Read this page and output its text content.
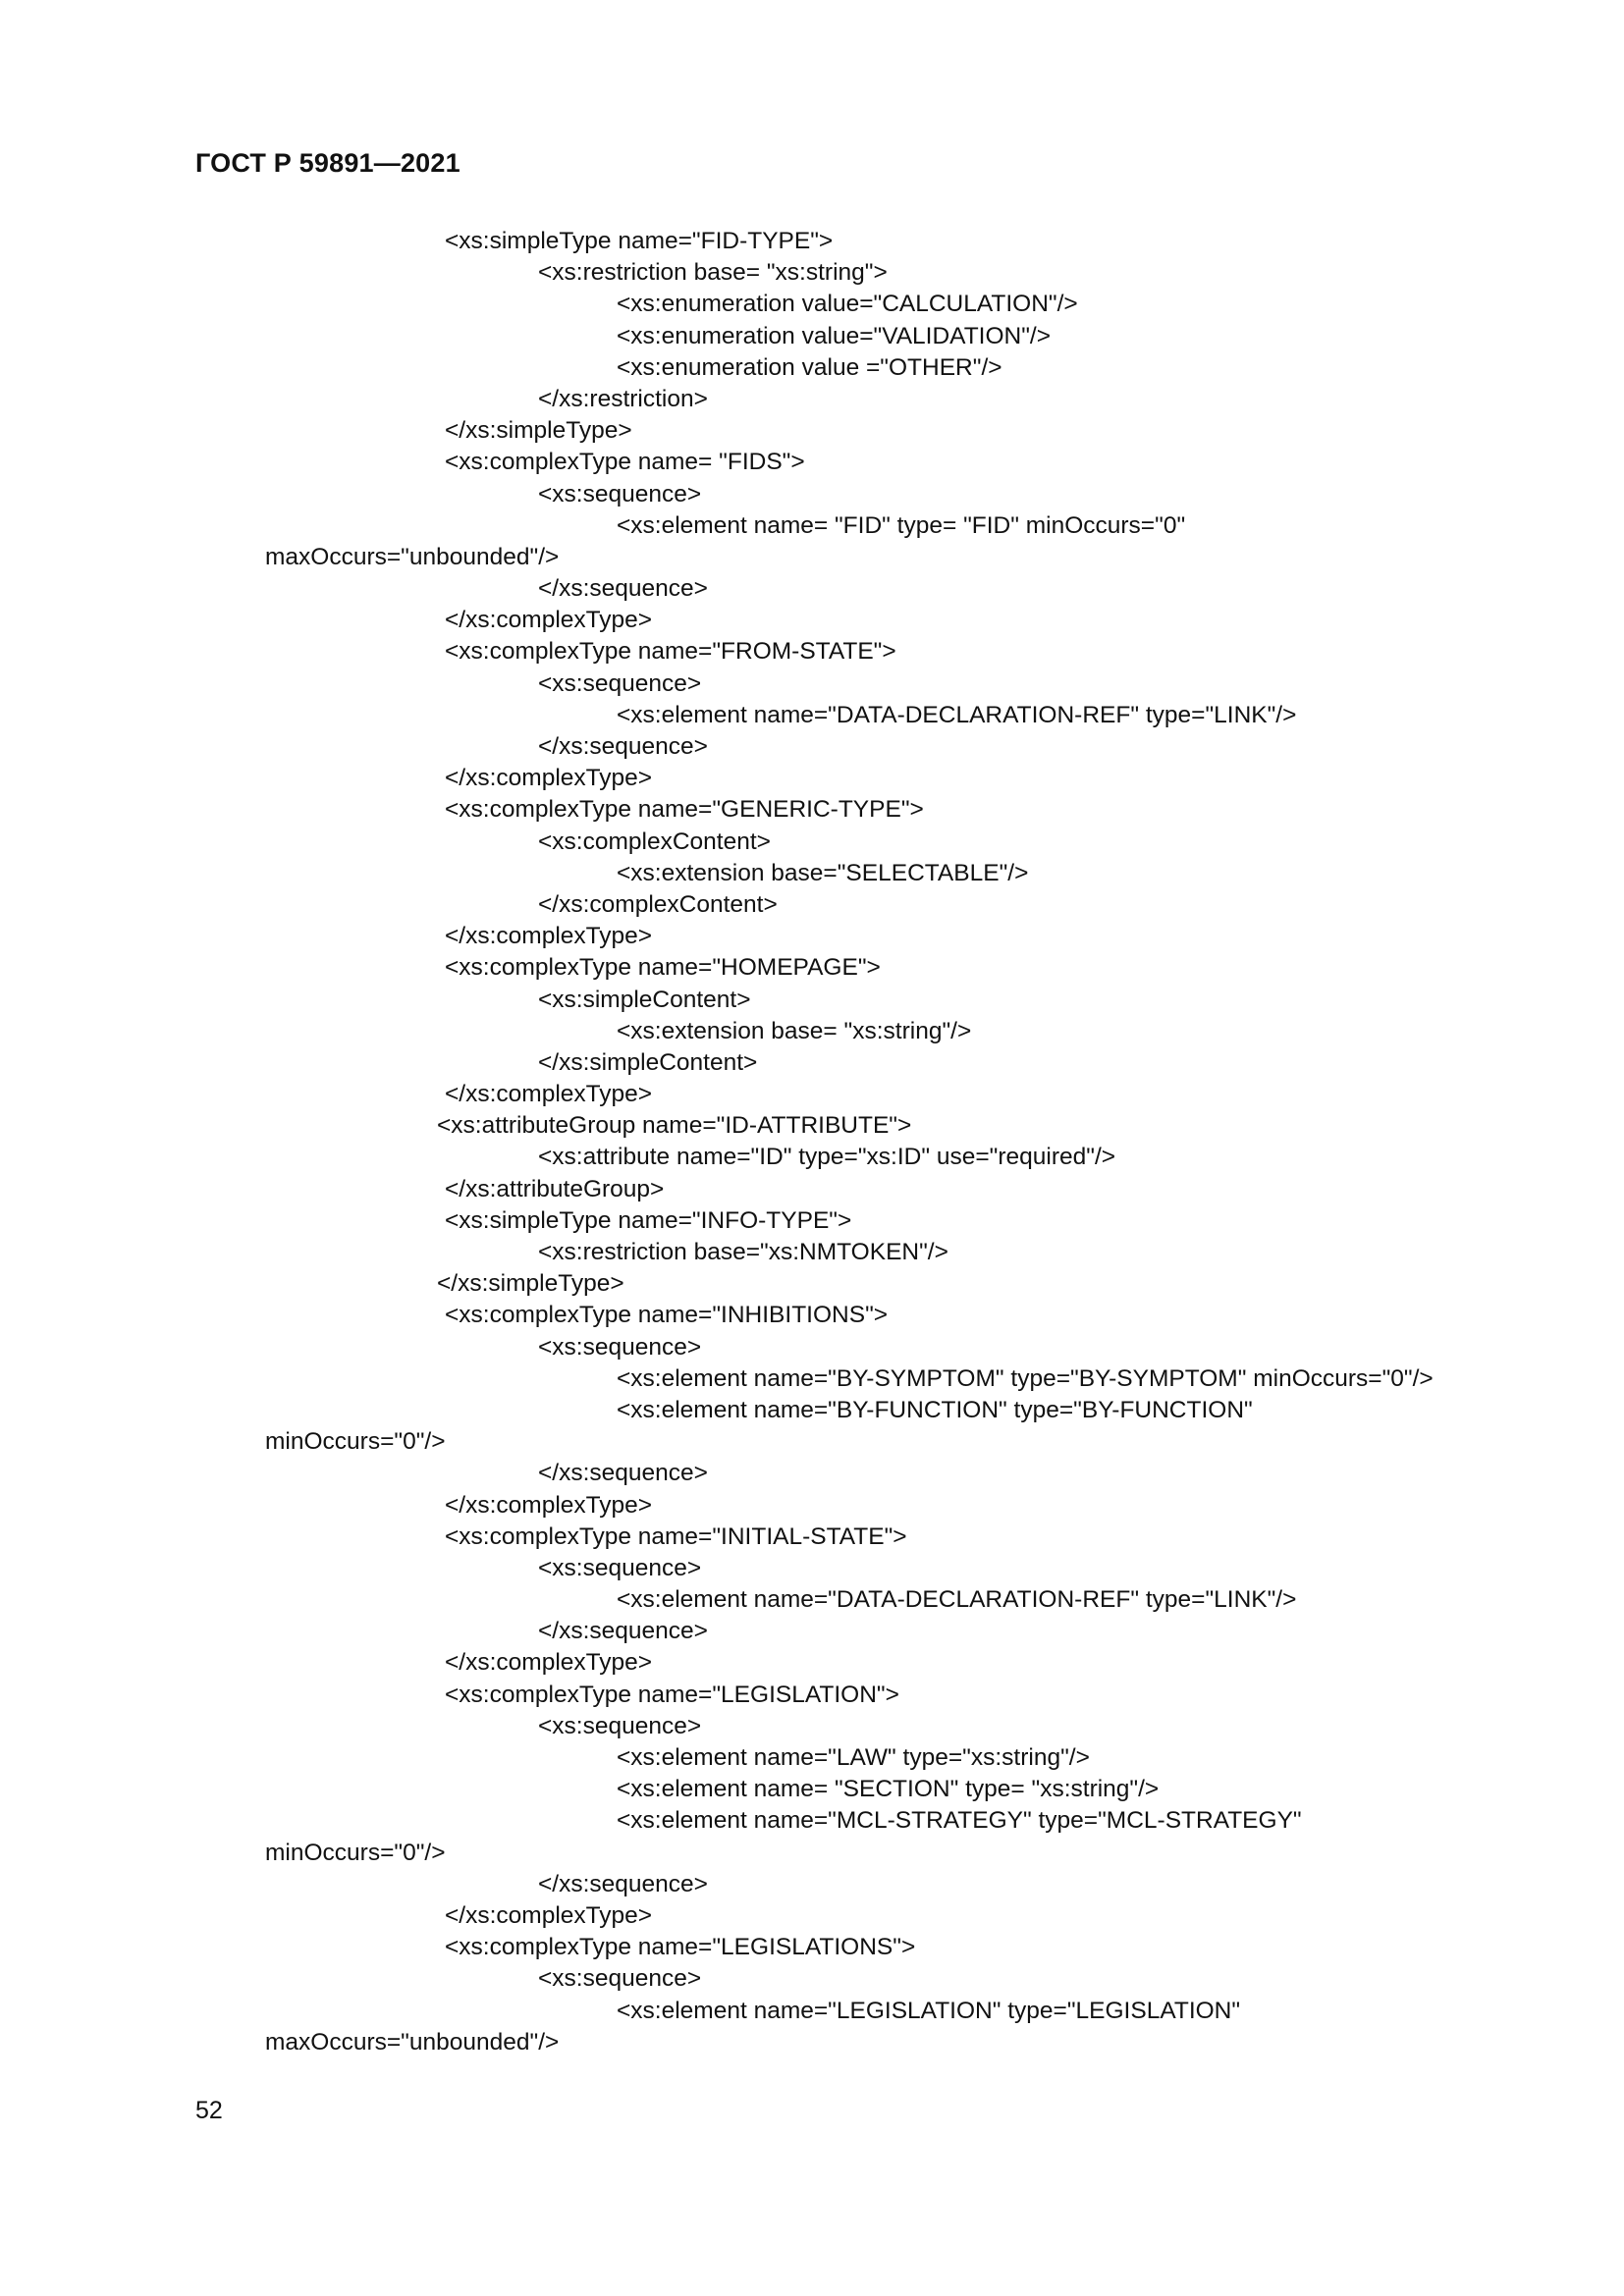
ГОСТ Р 59891—2021
<xs:simpleType name="FID-TYPE">
<xs:restriction base= "xs:string">
<xs:enumeration value="CALCULATION"/>
<xs:enumeration value="VALIDATION"/>
<xs:enumeration value ="OTHER"/>
</xs:restriction>
</xs:simpleType>
<xs:complexType name= "FIDS">
<xs:sequence>
<xs:element name= "FID" type= "FID" minOccurs="0"
maxOccurs="unbounded"/>
</xs:sequence>
</xs:complexType>
<xs:complexType name="FROM-STATE">
<xs:sequence>
<xs:element name="DATA-DECLARATION-REF" type="LINK"/>
</xs:sequence>
</xs:complexType>
<xs:complexType name="GENERIC-TYPE">
<xs:complexContent>
<xs:extension base="SELECTABLE"/>
</xs:complexContent>
</xs:complexType>
<xs:complexType name="HOMEPAGE">
<xs:simpleContent>
<xs:extension base= "xs:string"/>
</xs:simpleContent>
</xs:complexType>
<xs:attributeGroup name="ID-ATTRIBUTE">
<xs:attribute name="ID" type="xs:ID" use="required"/>
</xs:attributeGroup>
<xs:simpleType name="INFO-TYPE">
<xs:restriction base="xs:NMTOKEN"/>
</xs:simpleType>
<xs:complexType name="INHIBITIONS">
<xs:sequence>
<xs:element name="BY-SYMPTOM" type="BY-SYMPTOM" minOccurs="0"/>
<xs:element name="BY-FUNCTION" type="BY-FUNCTION"
minOccurs="0"/>
</xs:sequence>
</xs:complexType>
<xs:complexType name="INITIAL-STATE">
<xs:sequence>
<xs:element name="DATA-DECLARATION-REF" type="LINK"/>
</xs:sequence>
</xs:complexType>
<xs:complexType name="LEGISLATION">
<xs:sequence>
<xs:element name="LAW" type="xs:string"/>
<xs:element name= "SECTION" type= "xs:string"/>
<xs:element name="MCL-STRATEGY" type="MCL-STRATEGY"
minOccurs="0"/>
</xs:sequence>
</xs:complexType>
<xs:complexType name="LEGISLATIONS">
<xs:sequence>
<xs:element name="LEGISLATION" type="LEGISLATION"
maxOccurs="unbounded"/>
52
